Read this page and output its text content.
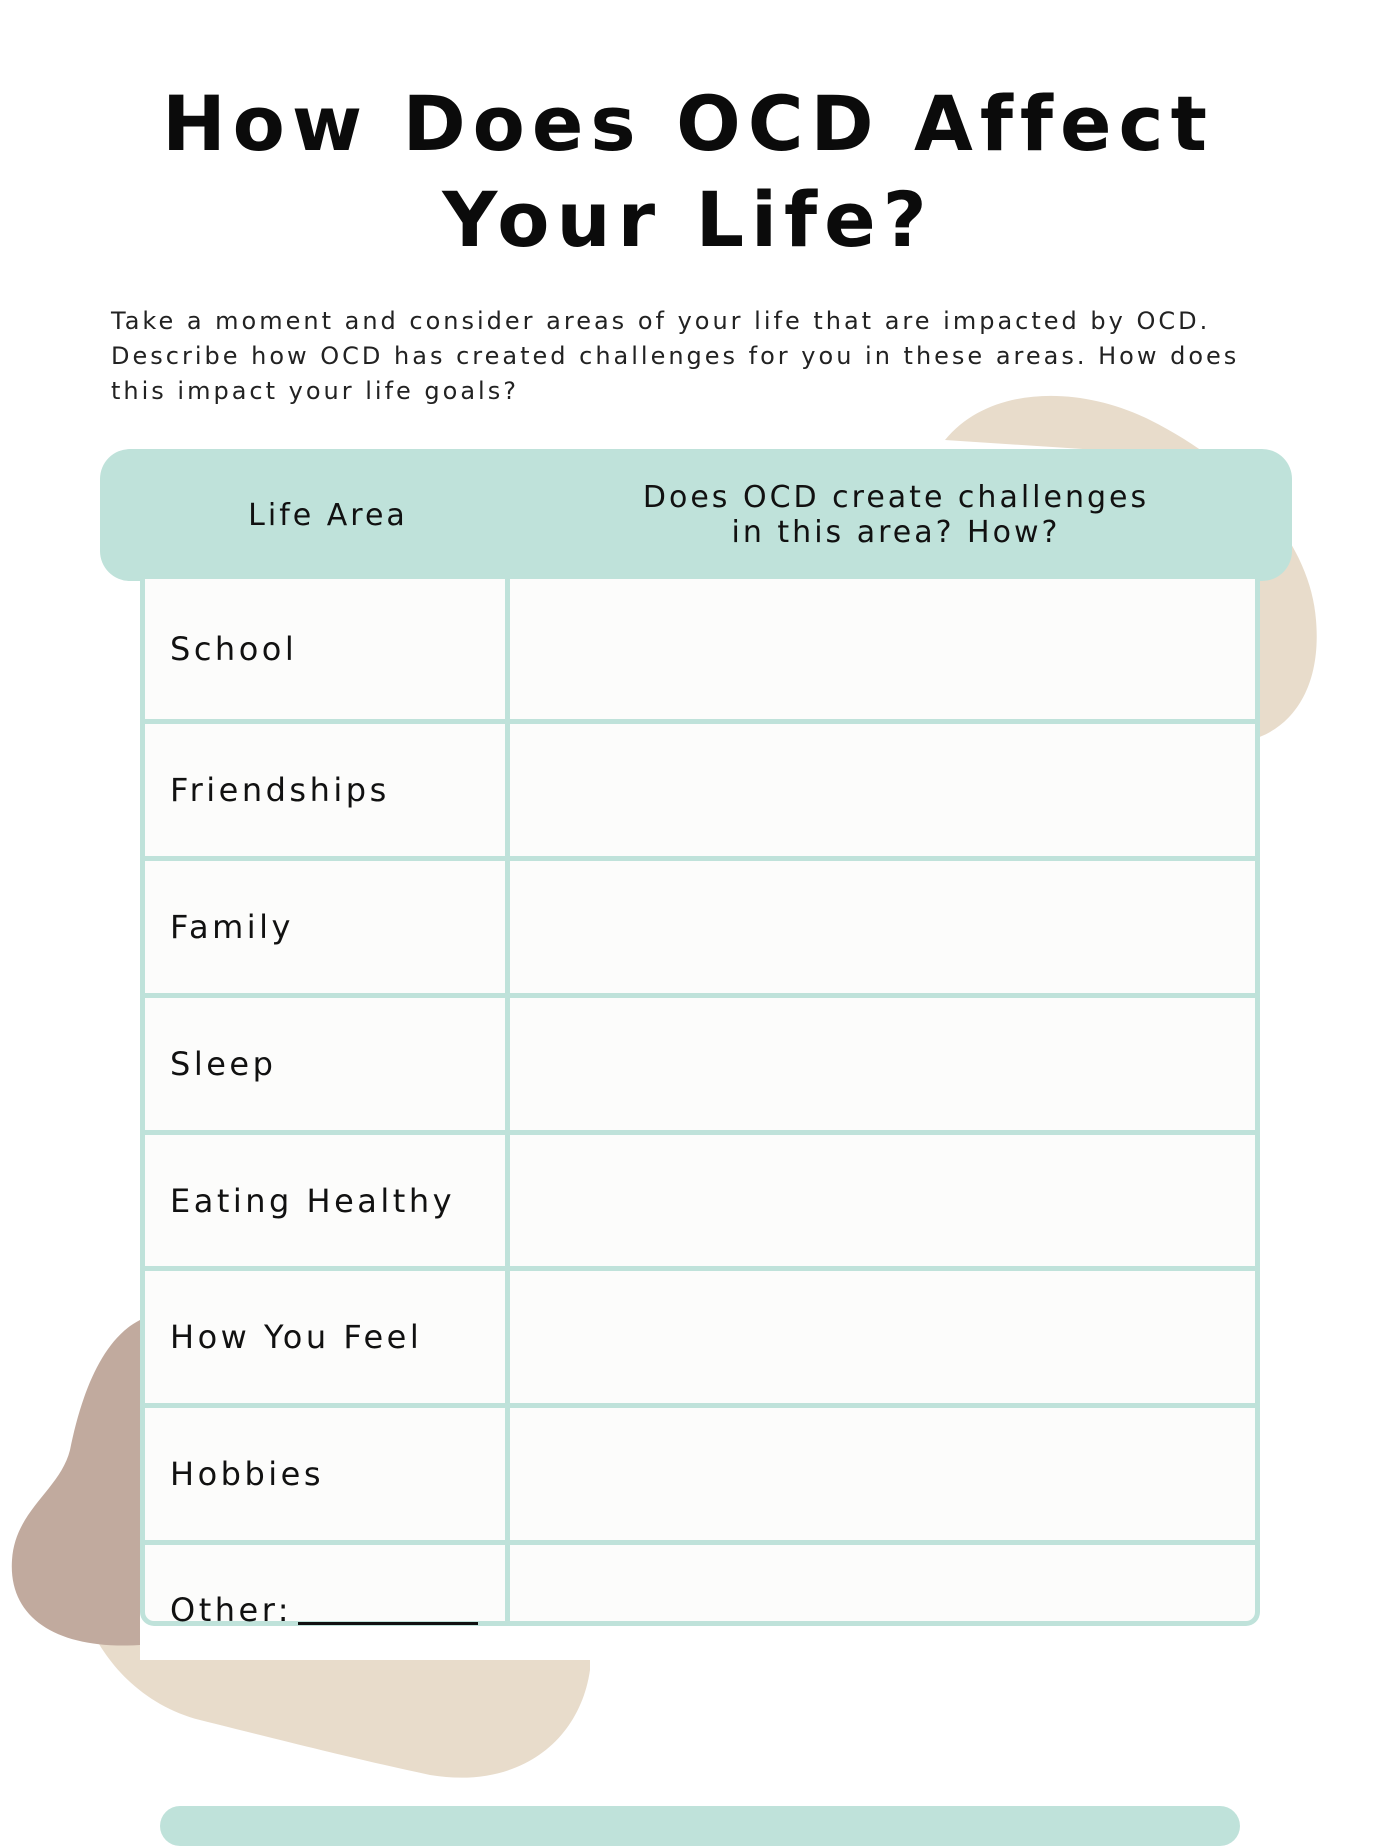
How Does OCD Affect
Your Life?

Take a moment and consider areas of your life that are impacted by OCD. Describe how OCD has created challenges for you in these areas. How does this impact your life goals?

Life Area	Does OCD create challenges
in this area? How?
School
Friendships
Family
Sleep
Eating Healthy
How You Feel
Hobbies
Other:
